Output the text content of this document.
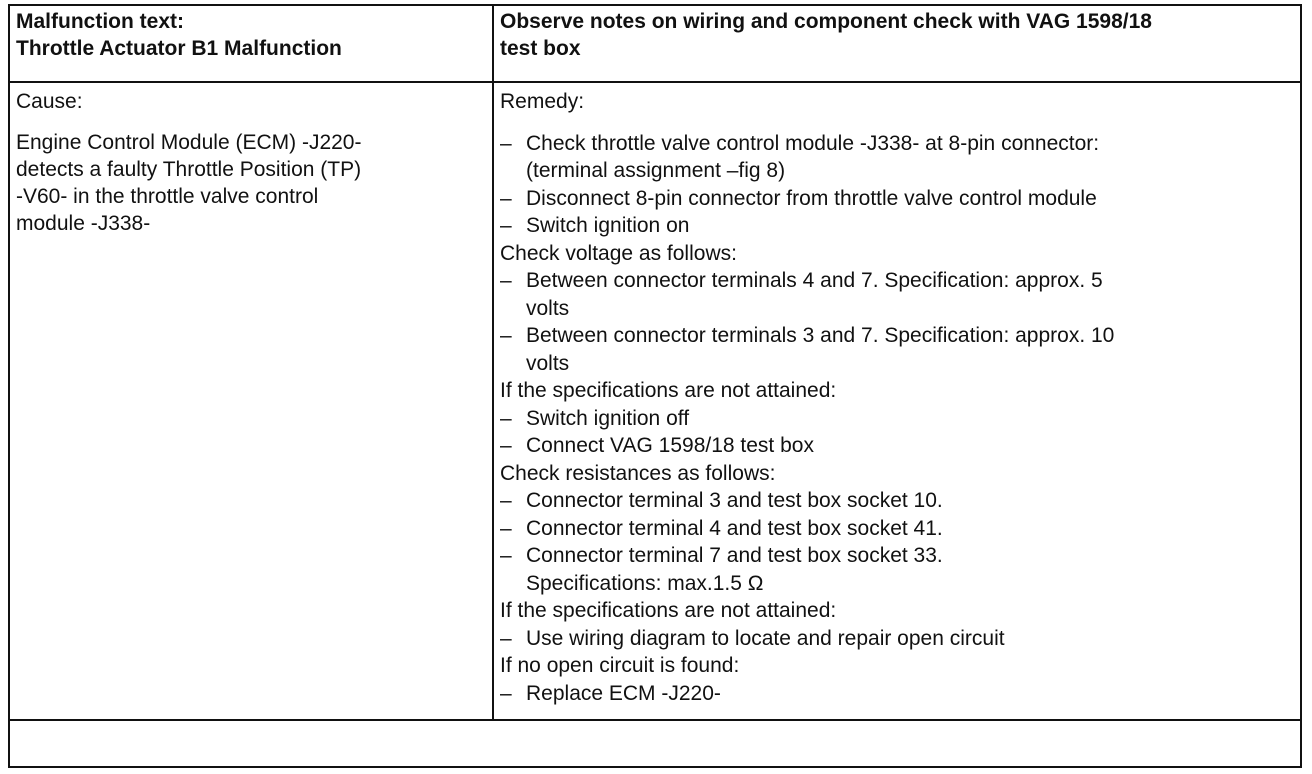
Malfunction text:
Throttle Actuator B1 Malfunction
Observe notes on wiring and component check with VAG 1598/18
test box
Cause:
Engine Control Module (ECM) -J220-
detects a faulty Throttle Position (TP)
-V60- in the throttle valve control
module -J338-
Remedy:
– Check throttle valve control module -J338- at 8-pin connector:
(terminal assignment –fig 8)
– Disconnect 8-pin connector from throttle valve control module
– Switch ignition on
Check voltage as follows:
– Between connector terminals 4 and 7. Specification: approx. 5
volts
– Between connector terminals 3 and 7. Specification: approx. 10
volts
If the specifications are not attained:
– Switch ignition off
– Connect VAG 1598/18 test box
Check resistances as follows:
– Connector terminal 3 and test box socket 10.
– Connector terminal 4 and test box socket 41.
– Connector terminal 7 and test box socket 33.
Specifications: max.1.5 Ω
If the specifications are not attained:
– Use wiring diagram to locate and repair open circuit
If no open circuit is found:
– Replace ECM -J220-
